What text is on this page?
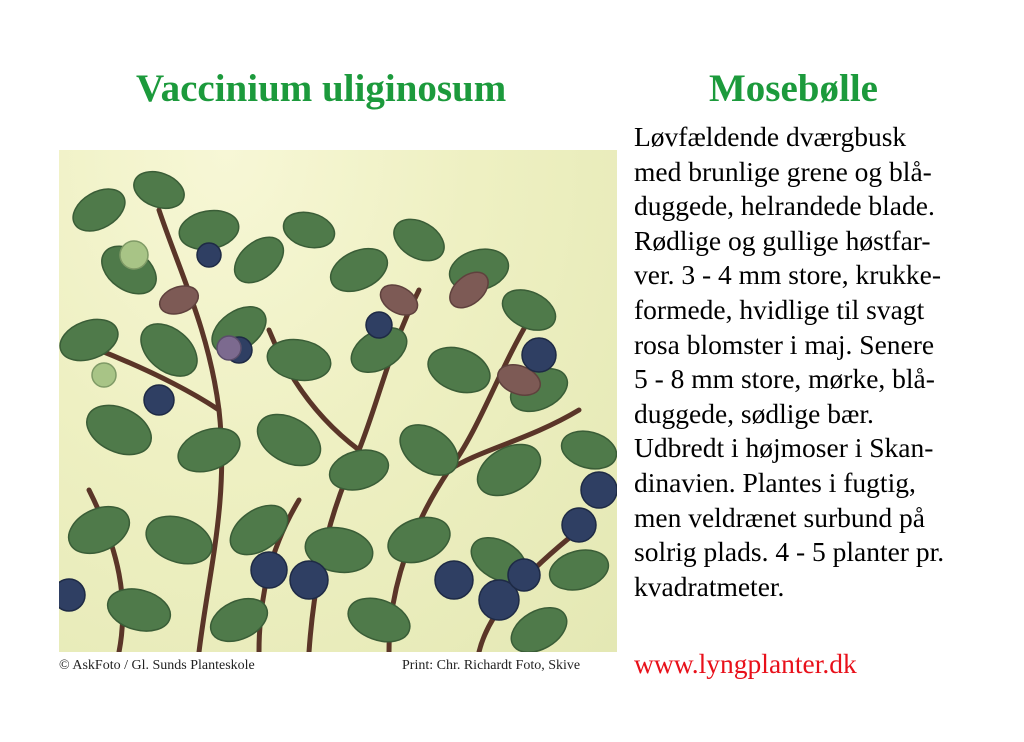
Vaccinium uliginosum	Mosebølle
© AskFoto / Gl. Sunds Planteskole	Print: Chr. Richardt Foto, Skive
Løvfældende dværgbusk
med brunlige grene og blå-
duggede, helrandede blade.
Rødlige og gullige høstfar-
ver. 3 - 4 mm store, krukke-
formede, hvidlige til svagt
rosa blomster i maj. Senere
5 - 8 mm store, mørke, blå-
duggede, sødlige bær.
Udbredt i højmoser i Skan-
dinavien. Plantes i fugtig,
men veldrænet surbund på
solrig plads. 4 - 5 planter pr.
kvadratmeter.
www.lyngplanter.dk
